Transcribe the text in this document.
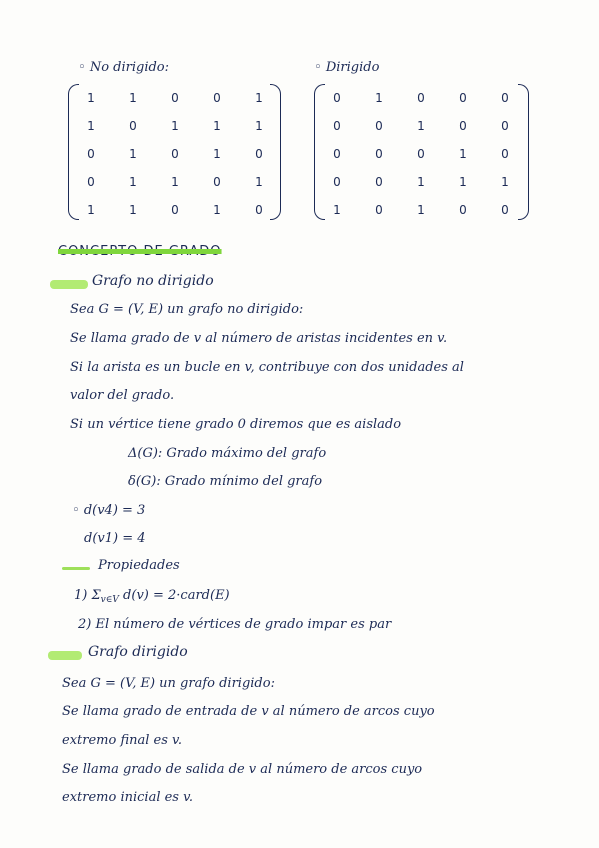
◦ No dirigido:	◦ Dirigido
1	1	0	0	1
1	0	1	1	1
0	1	0	1	0
0	1	1	0	1
1	1	0	1	0
0	1	0	0	0
0	0	1	0	0
0	0	0	1	0
0	0	1	1	1
1	0	1	0	0
CONCEPTO DE GRADO
Grafo no dirigido
Sea G = (V, E) un grafo no dirigido:
Se llama grado de v al número de aristas incidentes en v.
Si la arista es un bucle en v, contribuye con dos unidades al
valor del grado.
Si un vértice tiene grado 0 diremos que es aislado
Δ(G): Grado máximo del grafo
δ(G): Grado mínimo del grafo
◦ d(v4) = 3
d(v1) = 4
Propiedades
1) $\Sigma_{v\in V}$ d(v) = 2·card(E)
2) El número de vértices de grado impar es par
Grafo dirigido
Sea G = (V, E) un grafo dirigido:
Se llama grado de entrada de v al número de arcos cuyo
extremo final es v.
Se llama grado de salida de v al número de arcos cuyo
extremo inicial es v.
